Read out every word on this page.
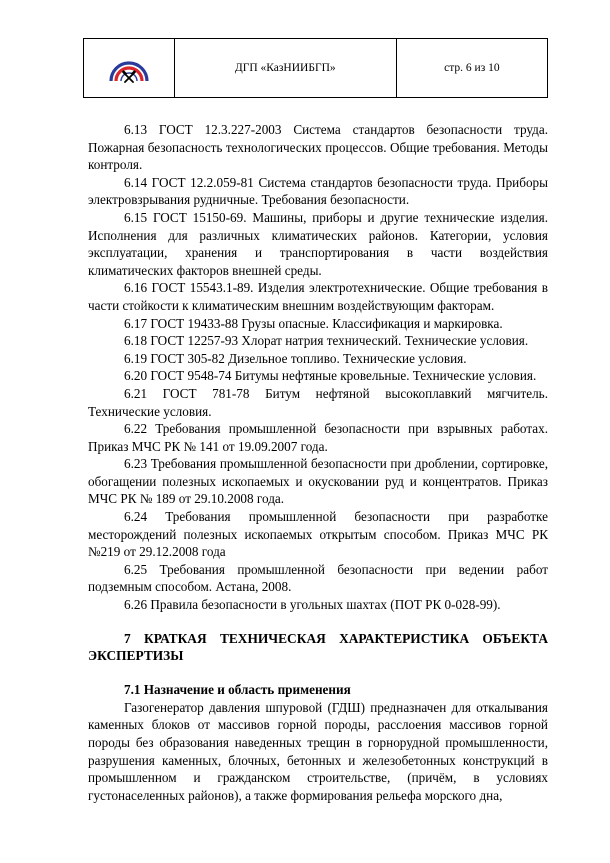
	ДГП «КазНИИБГП»	стр. 6 из 10

6.13 ГОСТ 12.3.227-2003 Система стандартов безопасности труда. Пожарная безопасность технологических процессов. Общие требования. Методы контроля.

6.14 ГОСТ 12.2.059-81 Система стандартов безопасности труда. Приборы электровзрывания рудничные. Требования безопасности.

6.15 ГОСТ 15150-69. Машины, приборы и другие технические изделия. Исполнения для различных климатических районов. Категории, условия эксплуатации, хранения и транспортирования в части воздействия климатических факторов внешней среды.

6.16 ГОСТ 15543.1-89. Изделия электротехнические. Общие требования в части стойкости к климатическим внешним воздействующим факторам.

6.17 ГОСТ 19433-88 Грузы опасные. Классификация и маркировка.

6.18 ГОСТ 12257-93 Хлорат натрия технический. Технические условия.

6.19 ГОСТ 305-82 Дизельное топливо. Технические условия.

6.20 ГОСТ 9548-74 Битумы нефтяные кровельные. Технические условия.

6.21 ГОСТ 781-78 Битум нефтяной высокоплавкий мягчитель. Технические условия.

6.22 Требования промышленной безопасности при взрывных работах. Приказ МЧС РК № 141 от 19.09.2007 года.

6.23 Требования промышленной безопасности при дроблении, сортировке, обогащении полезных ископаемых и окусковании руд и концентратов. Приказ МЧС РК № 189 от 29.10.2008 года.

6.24 Требования промышленной безопасности при разработке месторождений полезных ископаемых открытым способом. Приказ МЧС РК №219 от 29.12.2008 года

6.25 Требования промышленной безопасности при ведении работ подземным способом. Астана, 2008.

6.26 Правила безопасности в угольных шахтах (ПОТ РК 0-028-99).

7 КРАТКАЯ ТЕХНИЧЕСКАЯ ХАРАКТЕРИСТИКА ОБЪЕКТА ЭКСПЕРТИЗЫ

7.1 Назначение и область применения

Газогенератор давления шпуровой (ГДШ) предназначен для откалывания каменных блоков от массивов горной породы, расслоения массивов горной породы без образования наведенных трещин в горнорудной промышленности, разрушения каменных, блочных, бетонных и железобетонных конструкций в промышленном и гражданском строительстве, (причём, в условиях густонаселенных районов), а также формирования рельефа морского дна,
